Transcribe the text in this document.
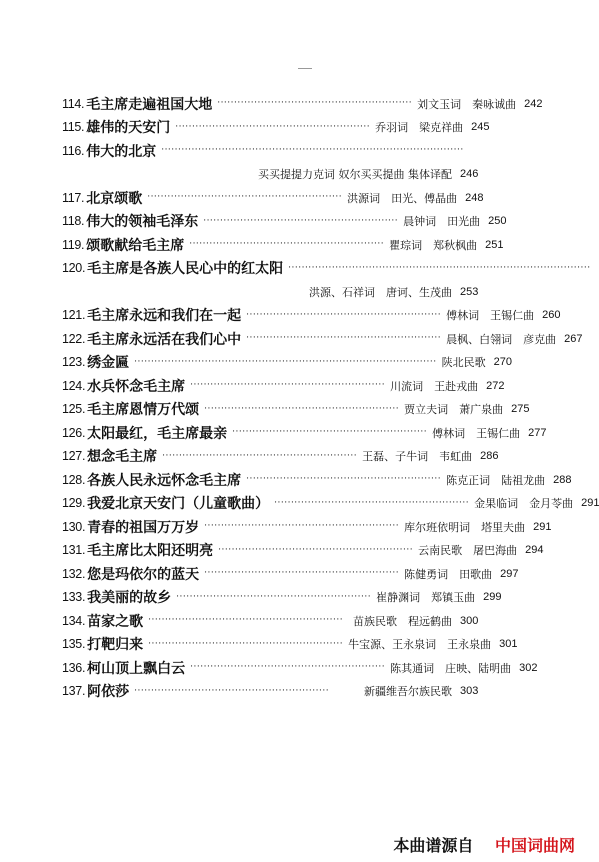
114. 毛主席走遍祖国大地 ·························································· 刘文玉词　秦咏诚曲 242
115. 雄伟的天安门 ·························································· 乔羽词　梁克祥曲 245
116. 伟大的北京 ··························································································
买买提提力克词 奴尔买买提曲 集体译配 246
117. 北京颂歌 ·························································· 洪源词　田光、傅晶曲 248
118. 伟大的领袖毛泽东 ·························································· 晨钟词　田光曲 250
119. 颂歌献给毛主席 ·························································· 瞿琮词　郑秋枫曲 251
120. 毛主席是各族人民心中的红太阳 ··························································································
洪源、石祥词　唐诃、生茂曲 253
121. 毛主席永远和我们在一起 ·························································· 傅林词　王锡仁曲 260
122. 毛主席永远活在我们心中 ·························································· 晨枫、白翎词　彦克曲 267
123. 绣金匾 ·························································································· 陕北民歌 270
124. 水兵怀念毛主席 ·························································· 川流词　王赴戎曲 272
125. 毛主席恩情万代颂 ·························································· 贾立夫词　萧广泉曲 275
126. 太阳最红，毛主席最亲 ·························································· 傅林词　王锡仁曲 277
127. 想念毛主席 ·························································· 王磊、子牛词　韦虹曲 286
128. 各族人民永远怀念毛主席 ·························································· 陈克正词　陆祖龙曲 288
129. 我爱北京天安门（儿童歌曲） ·························································· 金果临词　金月苓曲 291
130. 青春的祖国万万岁 ·························································· 库尔班依明词　塔里夫曲 291
131. 毛主席比太阳还明亮 ·························································· 云南民歌　屠巴海曲 294
132. 您是玛依尔的蓝天 ·························································· 陈健勇词　田歌曲 297
133. 我美丽的故乡 ·························································· 崔静渊词　郑镇玉曲 299
134. 苗家之歌 ·························································· 苗族民歌　程远鹤曲 300
135. 打靶归来 ·························································· 牛宝源、王永泉词　王永泉曲 301
136. 柯山顶上飘白云 ·························································· 陈其通词　庄映、陆明曲 302
137. 阿依莎 ··························································	新疆维吾尔族民歌 303
本曲谱源自 中国词曲网
